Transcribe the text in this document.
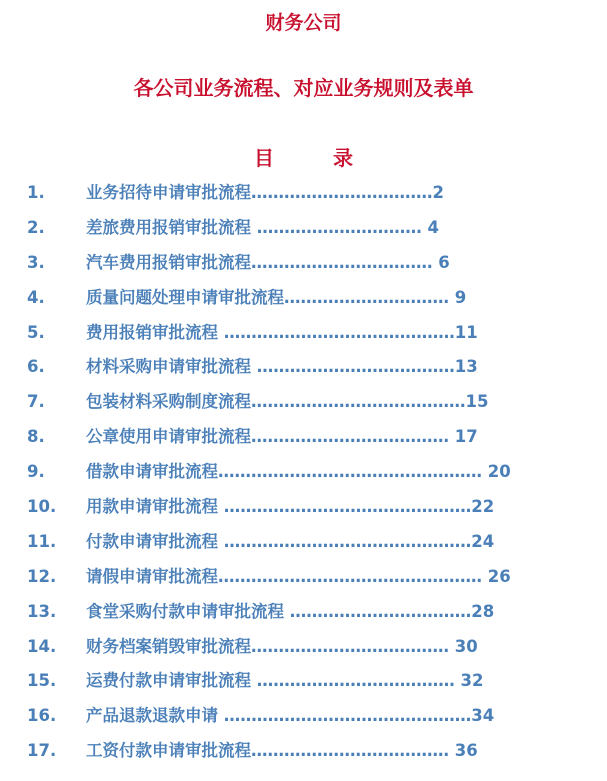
财务公司
各公司业务流程、对应业务规则及表单
目 录
1.	业务招待申请审批流程……………………………2
2.	差旅费用报销审批流程 ………………………… 4
3.	汽车费用报销审批流程…………………………… 6
4.	质量问题处理申请审批流程………………………… 9
5.	费用报销审批流程 ……………………………………11
6.	材料采购申请审批流程 ………………………………13
7.	包装材料采购制度流程…………………………………15
8.	公章使用申请审批流程……………………………… 17
9.	借款申请审批流程………………………………………… 20
10. 用款申请审批流程 ………………………………………22
11. 付款申请审批流程 ………………………………………24
12. 请假申请审批流程………………………………………… 26
13. 食堂采购付款申请审批流程 ……………………………28
14. 财务档案销毁审批流程……………………………… 30
15. 运费付款申请审批流程 ……………………………… 32
16. 产品退款退款申请 ………………………………………34
17. 工资付款申请审批流程……………………………… 36
